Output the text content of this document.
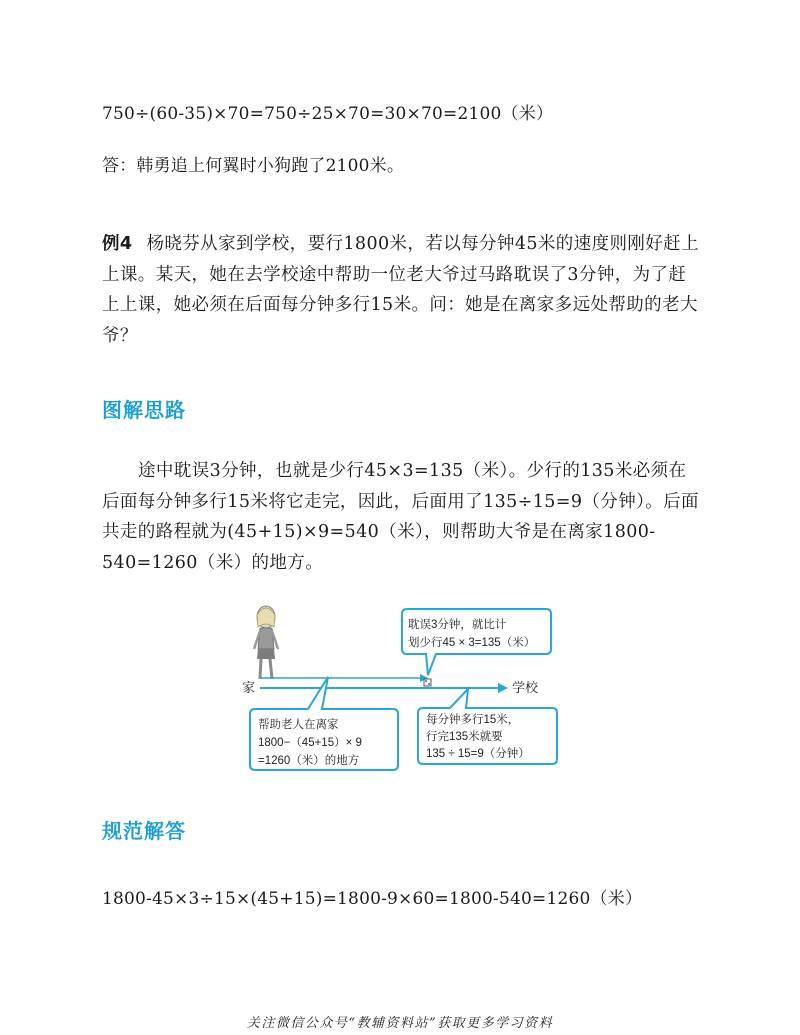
750÷(60-35)×70=750÷25×70=30×70=2100（米）
答：韩勇追上何翼时小狗跑了2100米。
例4 杨晓芬从家到学校，要行1800米，若以每分钟45米的速度则刚好赶上上课。某天，她在去学校途中帮助一位老大爷过马路耽误了3分钟，为了赶上上课，她必须在后面每分钟多行15米。问：她是在离家多远处帮助的老大爷？
图解思路
途中耽误3分钟，也就是少行45×3=135（米）。少行的135米必须在后面每分钟多行15米将它走完，因此，后面用了135÷15=9（分钟）。后面共走的路程就为(45+15)×9=540（米），则帮助大爷是在离家1800-540=1260（米）的地方。
家	学校
耽误3分钟，就比计
划少行45 × 3=135（米）
帮助老人在离家
1800−（45+15）× 9
=1260（米）的地方
每分钟多行15米，
行完135米就要
135 ÷ 15=9（分钟）
规范解答
1800-45×3÷15×(45+15)=1800-9×60=1800-540=1260（米）
关注微信公众号“教辅资料站”获取更多学习资料
